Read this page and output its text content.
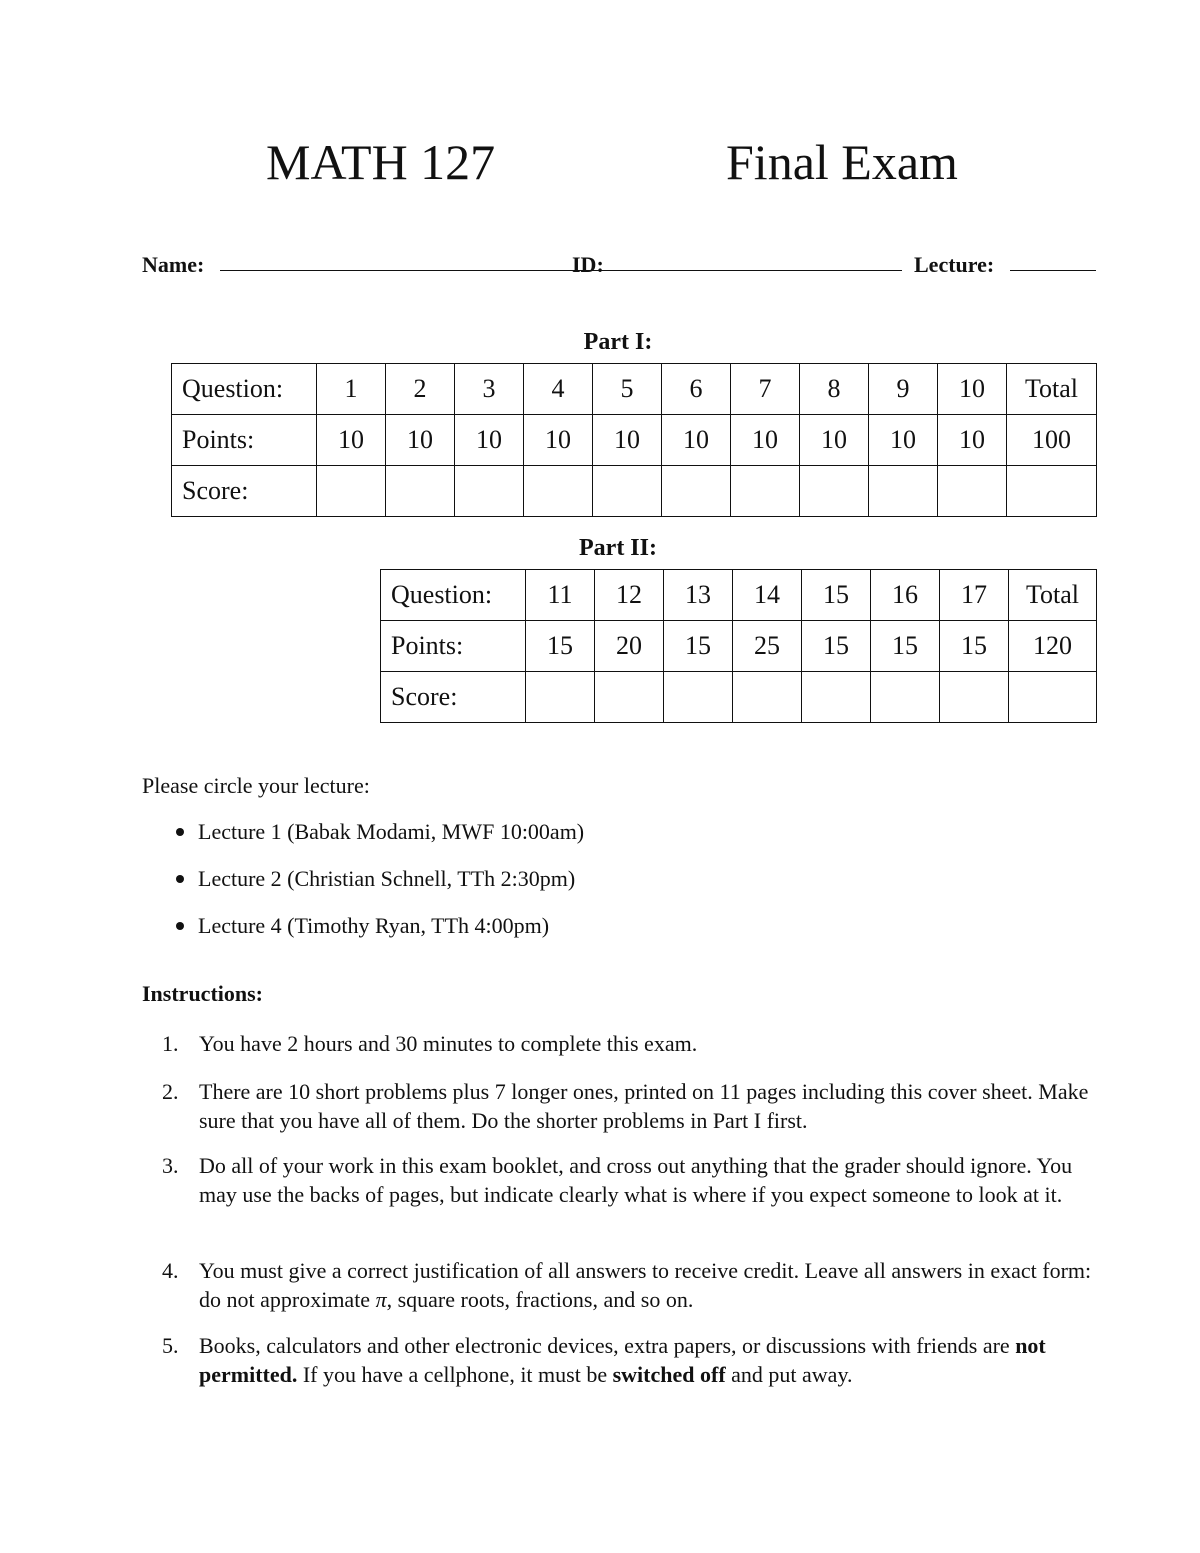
MATH 127	Final Exam
Name:	ID:	Lecture:
Part I:
Question:	1	2	3	4	5	6	7	8	9	10	Total
Points:	10	10	10	10	10	10	10	10	10	10	100
Score:											
Part II:
Question:	11	12	13	14	15	16	17	Total
Points:	15	20	15	25	15	15	15	120
Score:								
Please circle your lecture:
Lecture 1 (Babak Modami, MWF 10:00am)
Lecture 2 (Christian Schnell, TTh 2:30pm)
Lecture 4 (Timothy Ryan, TTh 4:00pm)
Instructions:
1. You have 2 hours and 30 minutes to complete this exam.
2. There are 10 short problems plus 7 longer ones, printed on 11 pages including this cover sheet. Make sure that you have all of them. Do the shorter problems in Part I first.
3. Do all of your work in this exam booklet, and cross out anything that the grader should ignore. You may use the backs of pages, but indicate clearly what is where if you expect someone to look at it.
4. You must give a correct justification of all answers to receive credit. Leave all answers in exact form: do not approximate π, square roots, fractions, and so on.
5. Books, calculators and other electronic devices, extra papers, or discussions with friends are not permitted. If you have a cellphone, it must be switched off and put away.
